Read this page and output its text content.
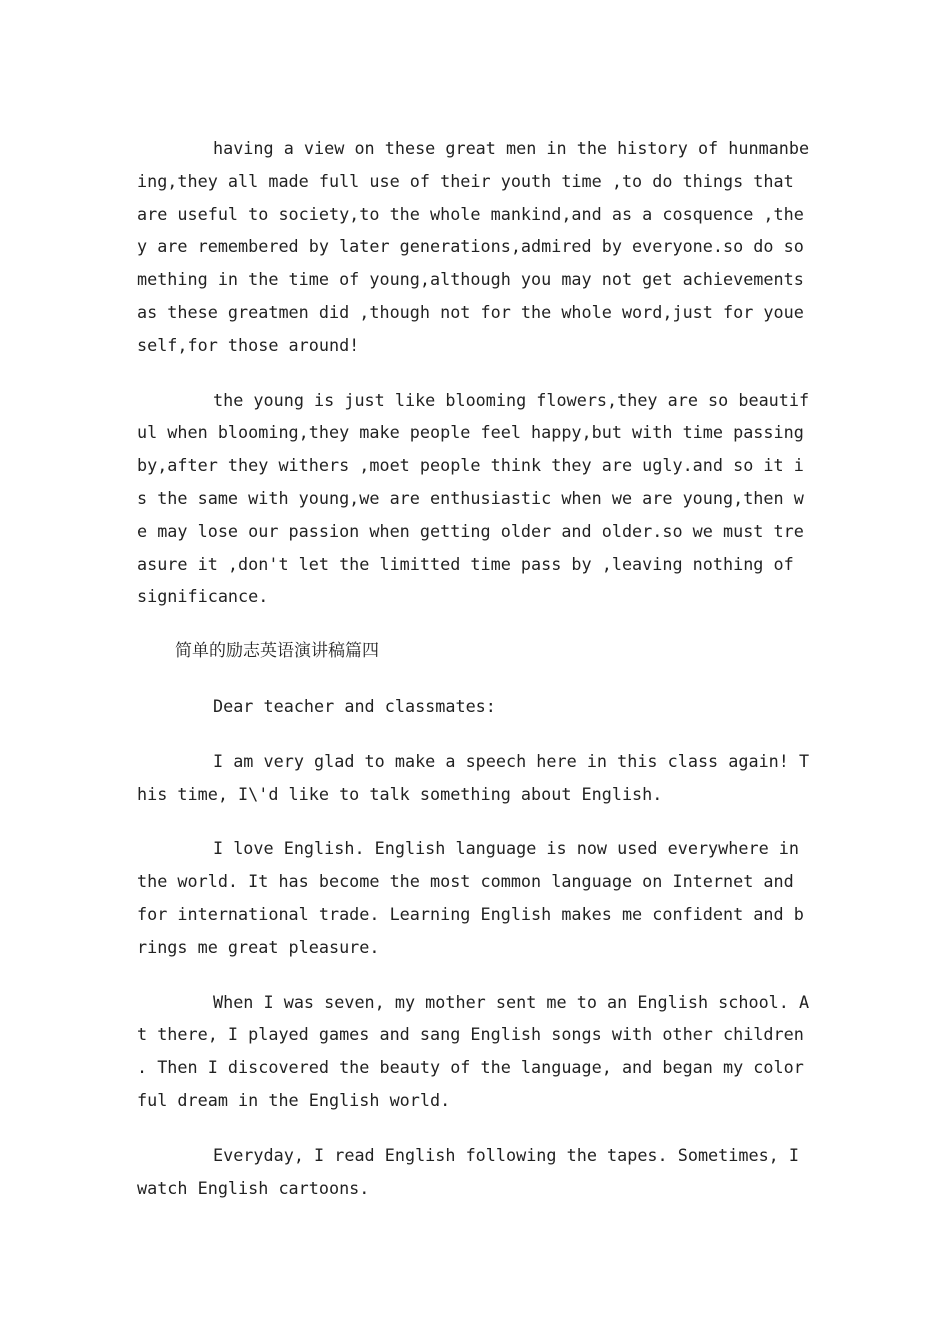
having a view on these great men in the history of hunmanbeing,they all made full use of their youth time ,to do things that are useful to society,to the whole mankind,and as a cosquence ,they are remembered by later generations,admired by everyone.so do something in the time of young,although you may not get achievements as these greatmen did ,though not for the whole word,just for youeself,for those around!

the young is just like blooming flowers,they are so beautiful when blooming,they make people feel happy,but with time passing by,after they withers ,moet people think they are ugly.and so it is the same with young,we are enthusiastic when we are young,then we may lose our passion when getting older and older.so we must treasure it ,don't let the limitted time pass by ,leaving nothing of significance.

简单的励志英语演讲稿篇四

Dear teacher and classmates:

I am very glad to make a speech here in this class again! This time, I\'d like to talk something about English.

I love English. English language is now used everywhere in the world. It has become the most common language on Internet and for international trade. Learning English makes me confident and brings me great pleasure.

When I was seven, my mother sent me to an English school. At there, I played games and sang English songs with other children . Then I discovered the beauty of the language, and began my colorful dream in the English world.

Everyday, I read English following the tapes. Sometimes, I watch English cartoons.
